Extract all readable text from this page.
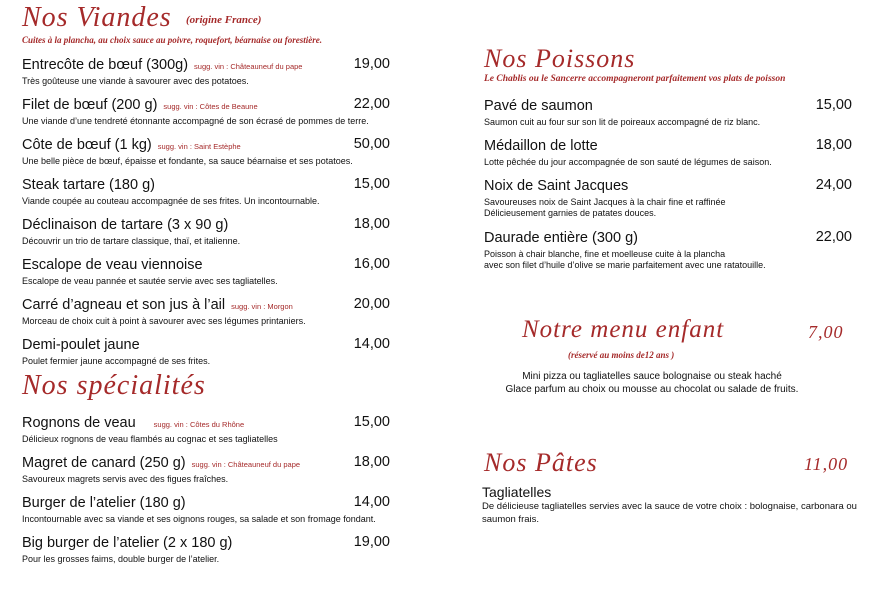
Nos Viandes (origine France)
Cuites à la plancha, au choix sauce au poivre, roquefort, béarnaise ou forestière.
Entrecôte de bœuf (300g) sugg. vin : Châteauneuf du pape	19,00
Très goûteuse une viande à savourer avec des potatoes.
Filet de bœuf (200 g) sugg. vin : Côtes de Beaune	22,00
Une viande d’une tendreté étonnante accompagné de son écrasé de pommes de terre.
Côte de bœuf (1 kg) sugg. vin : Saint Estèphe	50,00
Une belle pièce de bœuf, épaisse et fondante, sa sauce béarnaise et ses potatoes.
Steak tartare (180 g)	15,00
Viande coupée au couteau accompagnée de ses frites. Un incontournable.
Déclinaison de tartare (3 x 90 g)	18,00
Découvrir un trio de tartare classique, thaï, et italienne.
Escalope de veau viennoise	16,00
Escalope de veau pannée et sautée servie avec ses tagliatelles.
Carré d’agneau et son jus à l’ail sugg. vin : Morgon	20,00
Morceau de choix cuit à point à savourer avec ses légumes printaniers.
Demi-poulet jaune	14,00
Poulet fermier jaune accompagné de ses frites.
Nos spécialités
Rognons de veau sugg. vin : Côtes du Rhône	15,00
Délicieux rognons de veau flambés au cognac et ses tagliatelles
Magret de canard (250 g) sugg. vin : Châteauneuf du pape	18,00
Savoureux magrets servis avec des figues fraîches.
Burger de l’atelier (180 g)	14,00
Incontournable avec sa viande et ses oignons rouges, sa salade et son fromage fondant.
Big burger de l’atelier (2 x 180 g)	19,00
Pour les grosses faims, double burger de l’atelier.
Nos Poissons
Le Chablis ou le Sancerre accompagneront parfaitement vos plats de poisson
Pavé de saumon	15,00
Saumon cuit au four sur son lit de poireaux accompagné de riz blanc.
Médaillon de lotte	18,00
Lotte pêchée du jour accompagnée de son sauté de légumes de saison.
Noix de Saint Jacques	24,00
Savoureuses noix de Saint Jacques à la chair fine et raffinée
Délicieusement garnies de patates douces.
Daurade entière (300 g)	22,00
Poisson à chair blanche, fine et moelleuse cuite à la plancha
avec son filet d’huile d’olive se marie parfaitement avec une ratatouille.
Notre menu enfant	7,00
(réservé au moins de12 ans )
Mini pizza ou tagliatelles sauce bolognaise ou steak haché
Glace parfum au choix ou mousse au chocolat ou salade de fruits.
Nos Pâtes	11,00
Tagliatelles
De délicieuse tagliatelles servies avec la sauce de votre choix : bolognaise, carbonara ou saumon frais.
